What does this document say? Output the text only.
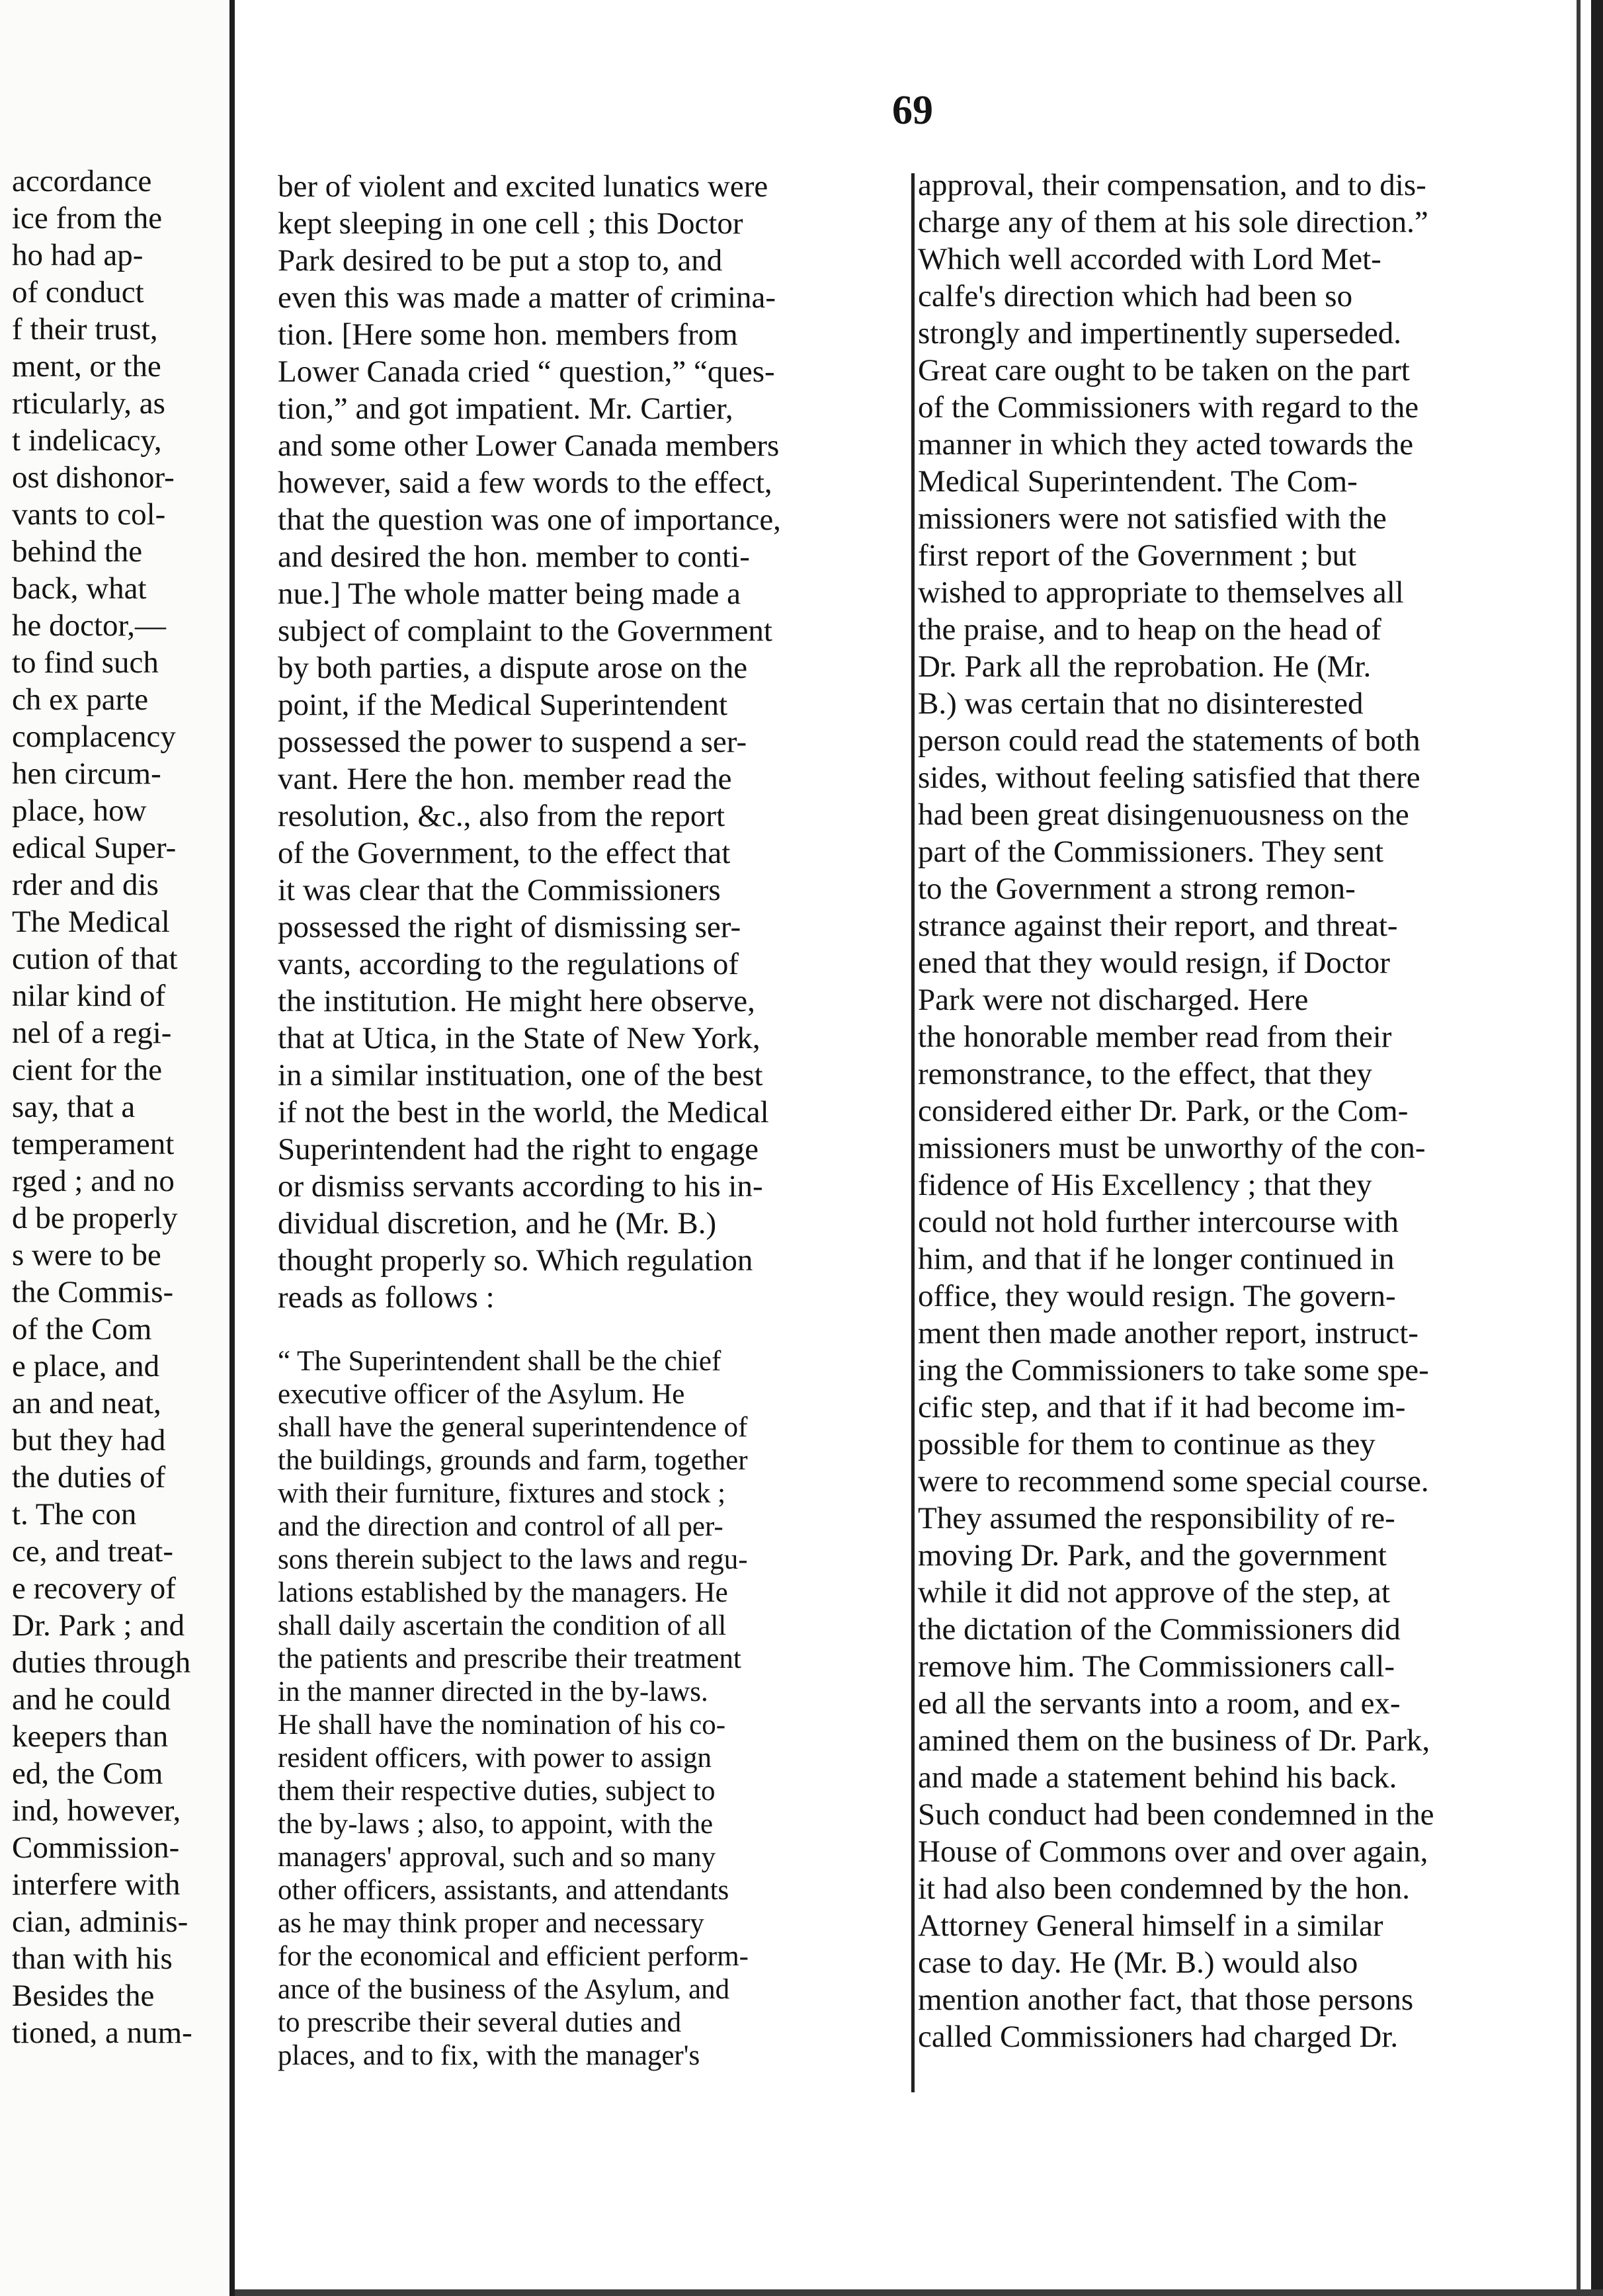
accordance
ice from the
ho had ap-
of conduct
f their trust,
ment, or the
rticularly, as
t indelicacy,
ost dishonor-
vants to col-
behind the
back, what
he doctor,—
to find such
ch ex parte
complacency
hen circum-
place, how
edical Super-
rder and dis
The Medical
cution of that
nilar kind of
nel of a regi-
cient for the
say, that a
temperament
rged ; and no
d be properly
s were to be
the Commis-
of the Com
e place, and
an and neat,
but they had
the duties of
t. The con
ce, and treat-
e recovery of
Dr. Park ; and
duties through
and he could
keepers than
ed, the Com
ind, however,
Commission-
interfere with
cian, adminis-
than with his
Besides the
tioned, a num-
69
ber of violent and excited lunatics were
kept sleeping in one cell ; this Doctor
Park desired to be put a stop to, and
even this was made a matter of crimina-
tion. [Here some hon. members from
Lower Canada cried “ question,” “ques-
tion,” and got impatient. Mr. Cartier,
and some other Lower Canada members
however, said a few words to the effect,
that the question was one of importance,
and desired the hon. member to conti-
nue.] The whole matter being made a
subject of complaint to the Government
by both parties, a dispute arose on the
point, if the Medical Superintendent
possessed the power to suspend a ser-
vant. Here the hon. member read the
resolution, &c., also from the report
of the Government, to the effect that
it was clear that the Commissioners
possessed the right of dismissing ser-
vants, according to the regulations of
the institution. He might here observe,
that at Utica, in the State of New York,
in a similar instituation, one of the best
if not the best in the world, the Medical
Superintendent had the right to engage
or dismiss servants according to his in-
dividual discretion, and he (Mr. B.)
thought properly so. Which regulation
reads as follows :
“ The Superintendent shall be the chief
executive officer of the Asylum. He
shall have the general superintendence of
the buildings, grounds and farm, together
with their furniture, fixtures and stock ;
and the direction and control of all per-
sons therein subject to the laws and regu-
lations established by the managers. He
shall daily ascertain the condition of all
the patients and prescribe their treatment
in the manner directed in the by-laws.
He shall have the nomination of his co-
resident officers, with power to assign
them their respective duties, subject to
the by-laws ; also, to appoint, with the
managers' approval, such and so many
other officers, assistants, and attendants
as he may think proper and necessary
for the economical and efficient perform-
ance of the business of the Asylum, and
to prescribe their several duties and
places, and to fix, with the manager's
approval, their compensation, and to dis-
charge any of them at his sole direction.”
Which well accorded with Lord Met-
calfe's direction which had been so
strongly and impertinently superseded.
Great care ought to be taken on the part
of the Commissioners with regard to the
manner in which they acted towards the
Medical Superintendent. The Com-
missioners were not satisfied with the
first report of the Government ; but
wished to appropriate to themselves all
the praise, and to heap on the head of
Dr. Park all the reprobation. He (Mr.
B.) was certain that no disinterested
person could read the statements of both
sides, without feeling satisfied that there
had been great disingenuousness on the
part of the Commissioners. They sent
to the Government a strong remon-
strance against their report, and threat-
ened that they would resign, if Doctor
Park were not discharged. Here
the honorable member read from their
remonstrance, to the effect, that they
considered either Dr. Park, or the Com-
missioners must be unworthy of the con-
fidence of His Excellency ; that they
could not hold further intercourse with
him, and that if he longer continued in
office, they would resign. The govern-
ment then made another report, instruct-
ing the Commissioners to take some spe-
cific step, and that if it had become im-
possible for them to continue as they
were to recommend some special course.
They assumed the responsibility of re-
moving Dr. Park, and the government
while it did not approve of the step, at
the dictation of the Commissioners did
remove him. The Commissioners call-
ed all the servants into a room, and ex-
amined them on the business of Dr. Park,
and made a statement behind his back.
Such conduct had been condemned in the
House of Commons over and over again,
it had also been condemned by the hon.
Attorney General himself in a similar
case to day. He (Mr. B.) would also
mention another fact, that those persons
called Commissioners had charged Dr.
